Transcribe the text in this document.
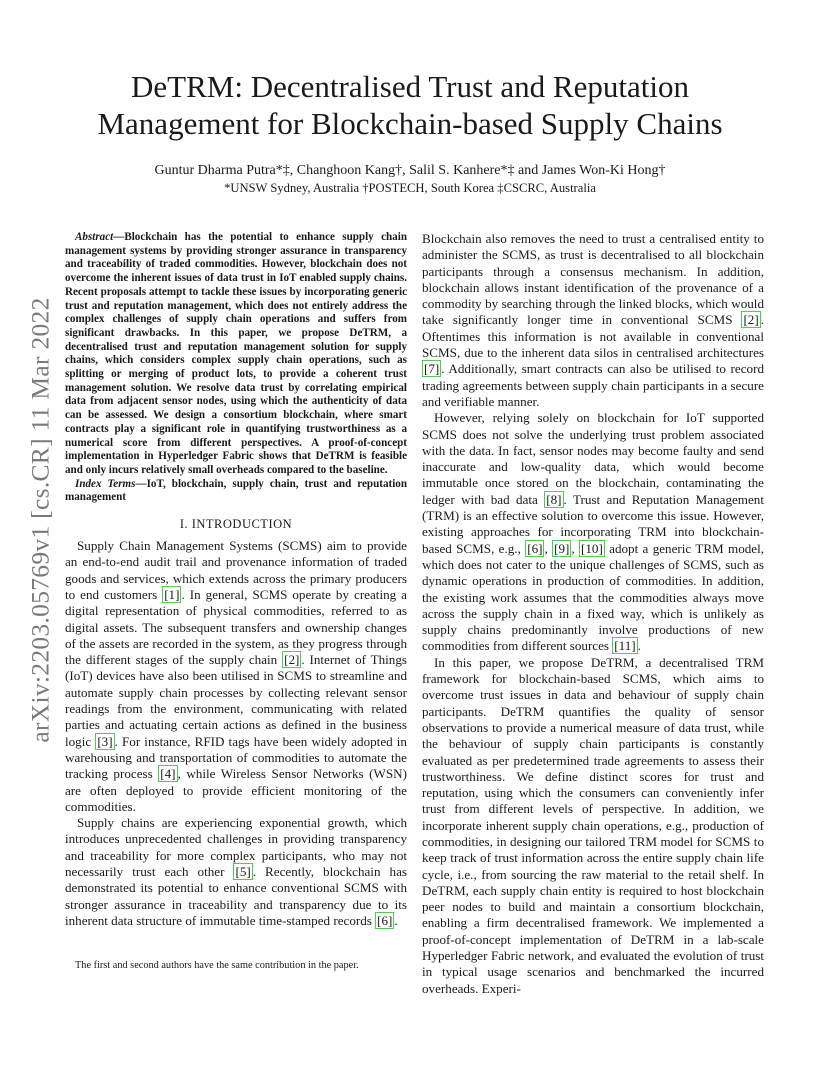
arXiv:2203.05769v1 [cs.CR] 11 Mar 2022
DeTRM: Decentralised Trust and Reputation Management for Blockchain-based Supply Chains
Guntur Dharma Putra*‡, Changhoon Kang†, Salil S. Kanhere*‡ and James Won-Ki Hong†
*UNSW Sydney, Australia †POSTECH, South Korea ‡CSCRC, Australia

Abstract—Blockchain has the potential to enhance supply chain management systems by providing stronger assurance in transparency and traceability of traded commodities. However, blockchain does not overcome the inherent issues of data trust in IoT enabled supply chains. Recent proposals attempt to tackle these issues by incorporating generic trust and reputation management, which does not entirely address the complex challenges of supply chain operations and suffers from significant drawbacks. In this paper, we propose DeTRM, a decentralised trust and reputation management solution for supply chains, which considers complex supply chain operations, such as splitting or merging of product lots, to provide a coherent trust management solution. We resolve data trust by correlating empirical data from adjacent sensor nodes, using which the authenticity of data can be assessed. We design a consortium blockchain, where smart contracts play a significant role in quantifying trustworthiness as a numerical score from different perspectives. A proof-of-concept implementation in Hyperledger Fabric shows that DeTRM is feasible and only incurs relatively small overheads compared to the baseline.

Index Terms—IoT, blockchain, supply chain, trust and reputation management

I. INTRODUCTION

Supply Chain Management Systems (SCMS) aim to provide an end-to-end audit trail and provenance information of traded goods and services, which extends across the primary producers to end customers [1] . In general, SCMS operate by creating a digital representation of physical commodities, referred to as digital assets. The subsequent transfers and ownership changes of the assets are recorded in the system, as they progress through the different stages of the supply chain [2] . Internet of Things (IoT) devices have also been utilised in SCMS to streamline and automate supply chain processes by collecting relevant sensor readings from the environment, communicating with related parties and actuating certain actions as defined in the business logic [3] . For instance, RFID tags have been widely adopted in warehousing and transportation of commodities to automate the tracking process [4] , while Wireless Sensor Networks (WSN) are often deployed to provide efficient monitoring of the commodities.

Supply chains are experiencing exponential growth, which introduces unprecedented challenges in providing transparency and traceability for more complex participants, who may not necessarily trust each other [5] . Recently, blockchain has demonstrated its potential to enhance conventional SCMS with stronger assurance in traceability and transparency due to its inherent data structure of immutable time-stamped records [6] .

The first and second authors have the same contribution in the paper.

Blockchain also removes the need to trust a centralised entity to administer the SCMS, as trust is decentralised to all blockchain participants through a consensus mechanism. In addition, blockchain allows instant identification of the provenance of a commodity by searching through the linked blocks, which would take significantly longer time in conventional SCMS [2] . Oftentimes this information is not available in conventional SCMS, due to the inherent data silos in centralised architectures [7] . Additionally, smart contracts can also be utilised to record trading agreements between supply chain participants in a secure and verifiable manner.

However, relying solely on blockchain for IoT supported SCMS does not solve the underlying trust problem associated with the data. In fact, sensor nodes may become faulty and send inaccurate and low-quality data, which would become immutable once stored on the blockchain, contaminating the ledger with bad data [8] . Trust and Reputation Management (TRM) is an effective solution to overcome this issue. However, existing approaches for incorporating TRM into blockchain-based SCMS, e.g., [6] , [9] , [10] adopt a generic TRM model, which does not cater to the unique challenges of SCMS, such as dynamic operations in production of commodities. In addition, the existing work assumes that the commodities always move across the supply chain in a fixed way, which is unlikely as supply chains predominantly involve productions of new commodities from different sources [11] .

In this paper, we propose DeTRM, a decentralised TRM framework for blockchain-based SCMS, which aims to overcome trust issues in data and behaviour of supply chain participants. DeTRM quantifies the quality of sensor observations to provide a numerical measure of data trust, while the behaviour of supply chain participants is constantly evaluated as per predetermined trade agreements to assess their trustworthiness. We define distinct scores for trust and reputation, using which the consumers can conveniently infer trust from different levels of perspective. In addition, we incorporate inherent supply chain operations, e.g., production of commodities, in designing our tailored TRM model for SCMS to keep track of trust information across the entire supply chain life cycle, i.e., from sourcing the raw material to the retail shelf. In DeTRM, each supply chain entity is required to host blockchain peer nodes to build and maintain a consortium blockchain, enabling a firm decentralised framework. We implemented a proof-of-concept implementation of DeTRM in a lab-scale Hyperledger Fabric network, and evaluated the evolution of trust in typical usage scenarios and benchmarked the incurred overheads. Experi-
